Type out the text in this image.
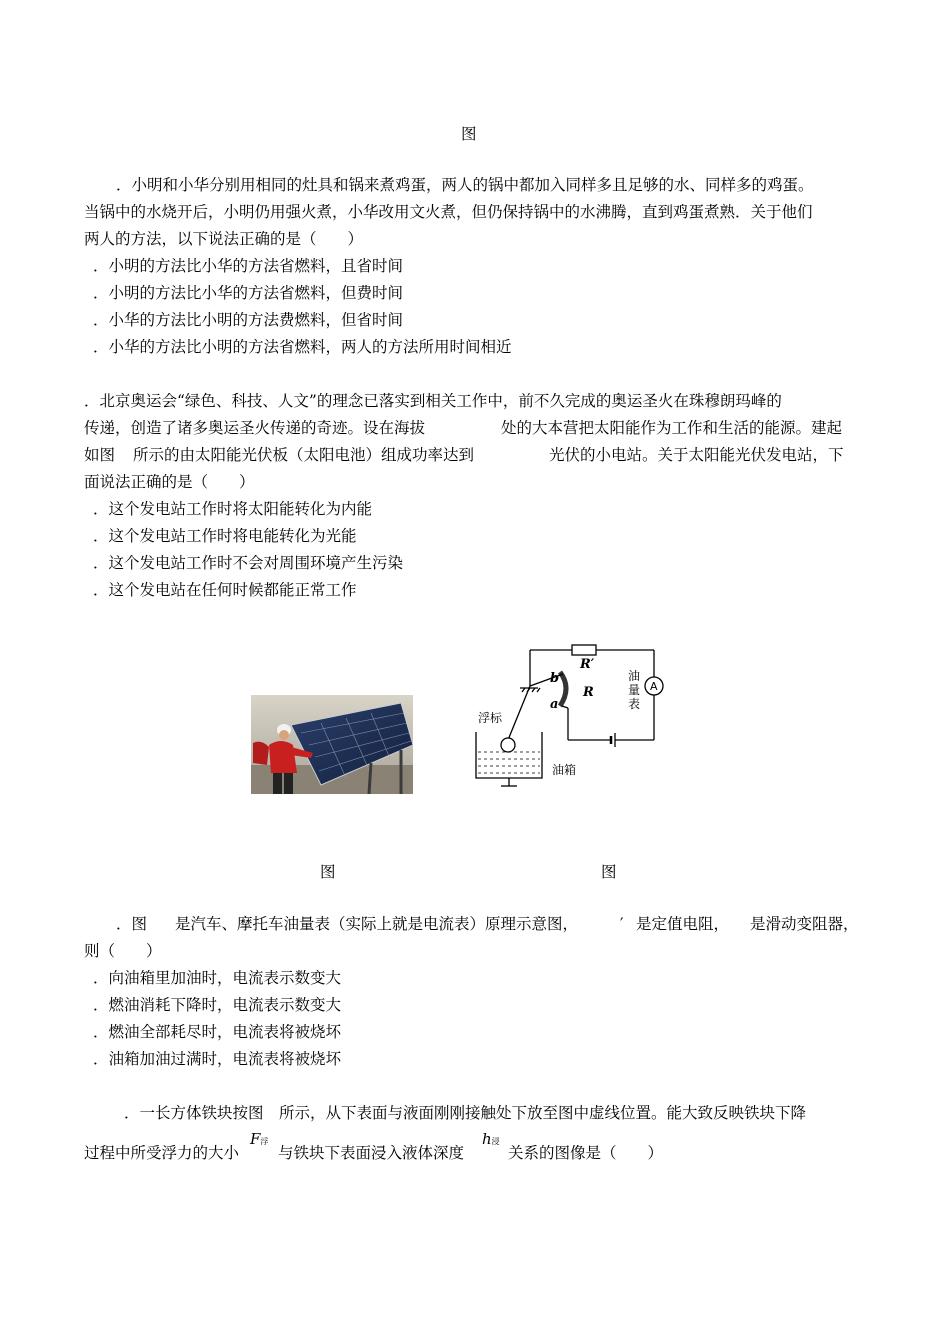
图
．小明和小华分别用相同的灶具和锅来煮鸡蛋，两人的锅中都加入同样多且足够的水、同样多的鸡蛋。
当锅中的水烧开后，小明仍用强火煮，小华改用文火煮，但仍保持锅中的水沸腾，直到鸡蛋煮熟．关于他们
两人的方法，以下说法正确的是（　　）
．小明的方法比小华的方法省燃料，且省时间
．小明的方法比小华的方法省燃料，但费时间
．小华的方法比小明的方法费燃料，但省时间
．小华的方法比小明的方法省燃料，两人的方法所用时间相近
．北京奥运会“绿色、科技、人文”的理念已落实到相关工作中，前不久完成的奥运圣火在珠穆朗玛峰的
传递，创造了诸多奥运圣火传递的奇迹。设在海拔	处的大本营把太阳能作为工作和生活的能源。建起
如图 所示的由太阳能光伏板（太阳电池）组成功率达到	光伏的小电站。关于太阳能光伏发电站，下
面说法正确的是（　　）
．这个发电站工作时将太阳能转化为内能
．这个发电站工作时将电能转化为光能
．这个发电站工作时不会对周围环境产生污染
．这个发电站在任何时候都能正常工作
R′
R
b
a
A
浮标
油箱
油
量
表
图	图
．图 是汽车、摩托车油量表（实际上就是电流表）原理示意图，	′ 是定值电阻， 是滑动变阻器，
则（　　）
．向油箱里加油时，电流表示数变大
．燃油消耗下降时，电流表示数变大
．燃油全部耗尽时，电流表将被烧坏
．油箱加油过满时，电流表将被烧坏
．一长方体铁块按图　所示，从下表面与液面刚刚接触处下放至图中虚线位置。能大致反映铁块下降
过程中所受浮力的大小
F浮
与铁块下表面浸入液体深度
h浸
关系的图像是（　　）
